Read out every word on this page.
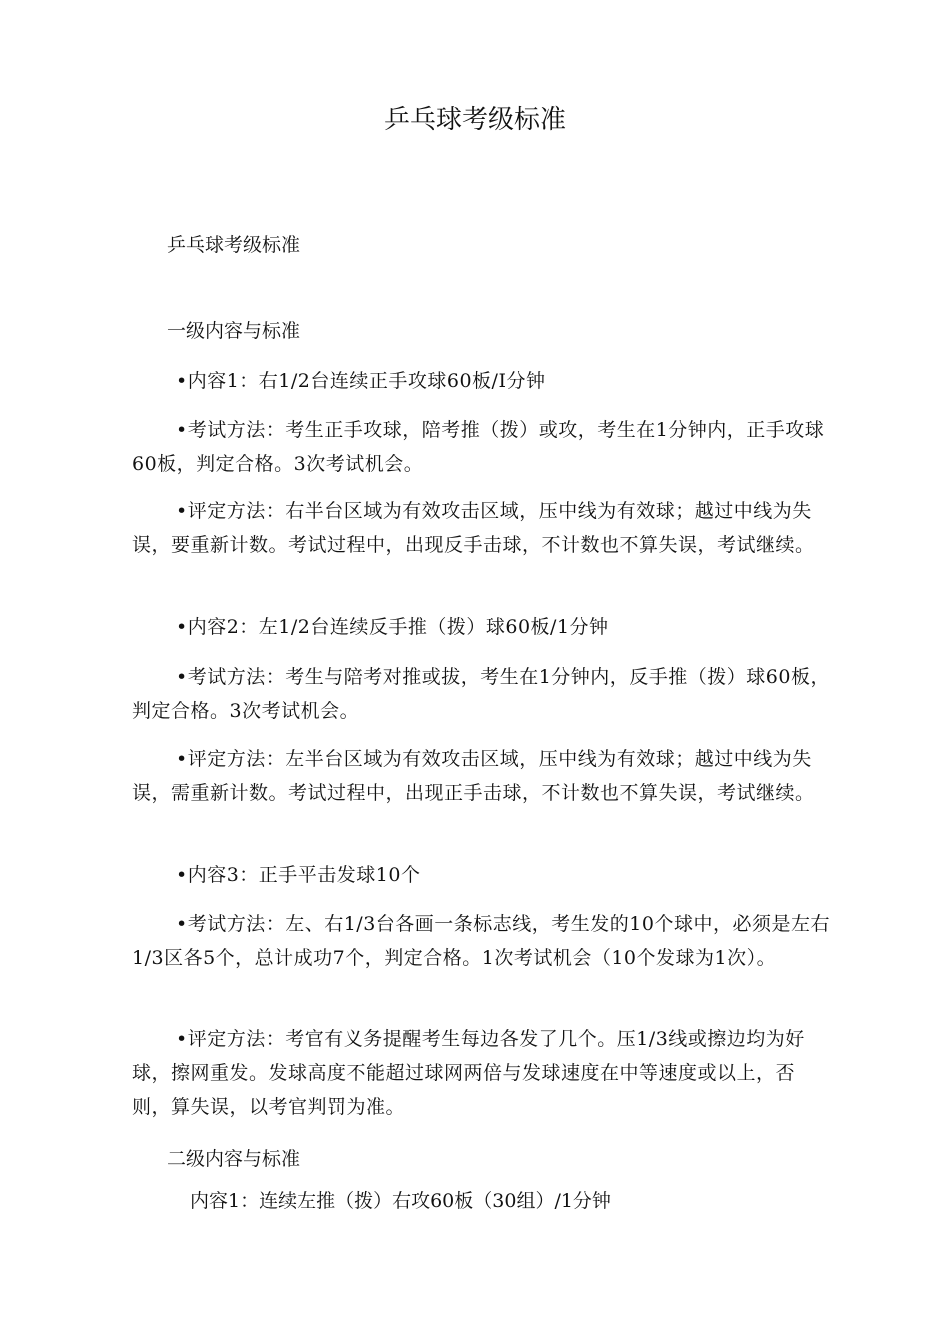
乒乓球考级标准
乒乓球考级标准
一级内容与标准
•内容1：右1/2台连续正手攻球60板/I分钟
•考试方法：考生正手攻球，陪考推（拨）或攻，考生在1分钟内，正手攻球60板，判定合格。3次考试机会。
•评定方法：右半台区域为有效攻击区域，压中线为有效球；越过中线为失误，要重新计数。考试过程中，出现反手击球，不计数也不算失误，考试继续。
•内容2：左1/2台连续反手推（拨）球60板/1分钟
•考试方法：考生与陪考对推或拔，考生在1分钟内，反手推（拨）球60板，判定合格。3次考试机会。
•评定方法：左半台区域为有效攻击区域，压中线为有效球；越过中线为失误，需重新计数。考试过程中，出现正手击球，不计数也不算失误，考试继续。
•内容3：正手平击发球10个
•考试方法：左、右1/3台各画一条标志线，考生发的10个球中，必须是左右1/3区各5个，总计成功7个，判定合格。1次考试机会（10个发球为1次）。
•评定方法：考官有义务提醒考生每边各发了几个。压1/3线或擦边均为好球，擦网重发。发球高度不能超过球网两倍与发球速度在中等速度或以上，否则，算失误，以考官判罚为准。
二级内容与标准
内容1：连续左推（拨）右攻60板（30组）/1分钟
